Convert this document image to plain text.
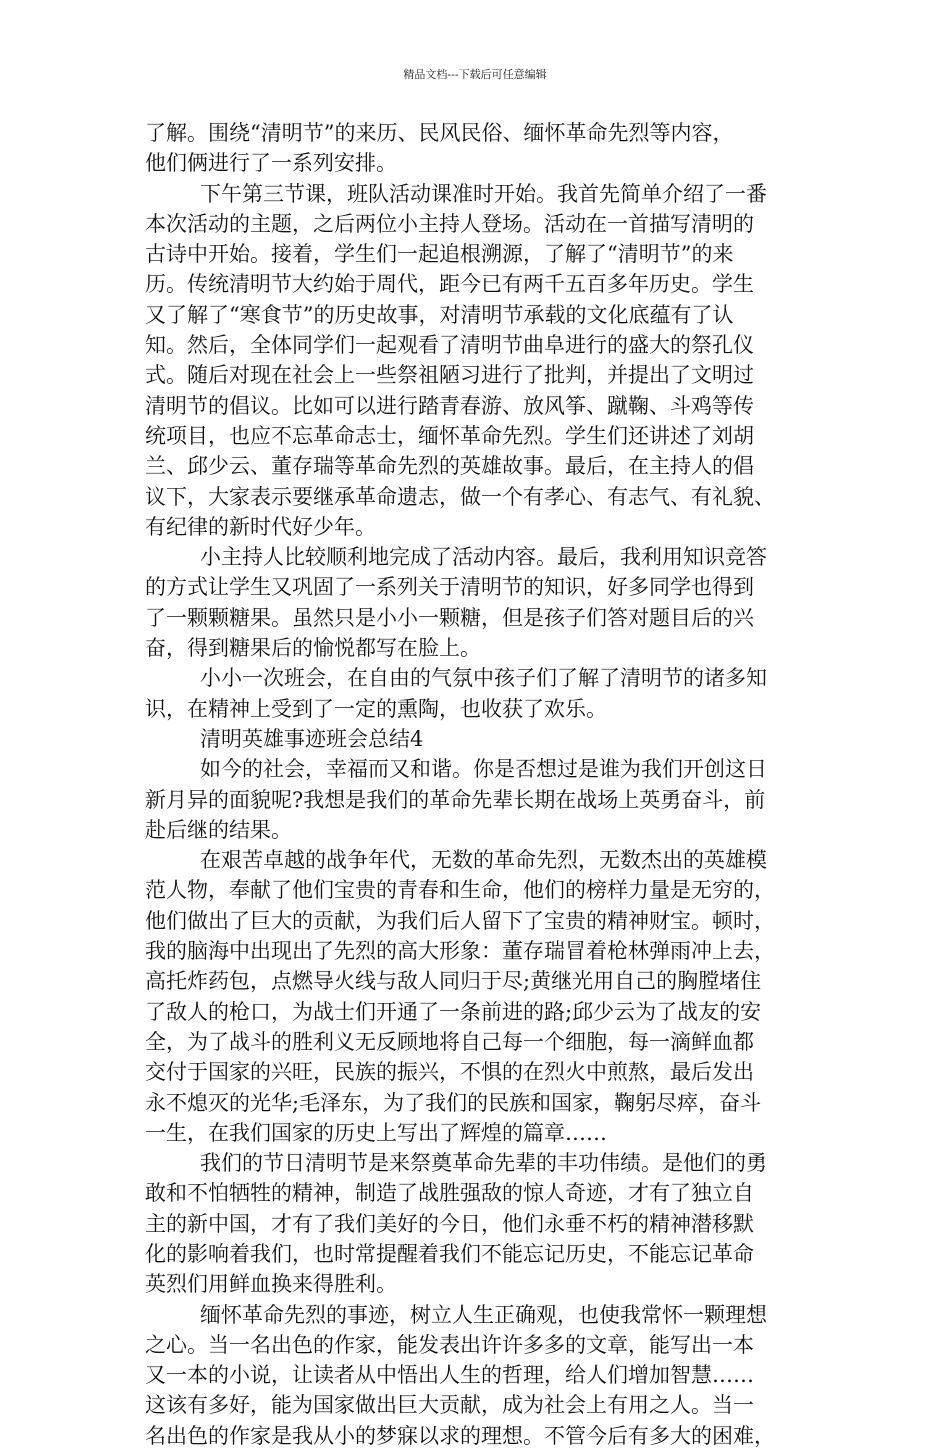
精品文档---下载后可任意编辑
了解。围绕“清明节”的来历、民风民俗、缅怀革命先烈等内容，
他们俩进行了一系列安排。
下午第三节课，班队活动课准时开始。我首先简单介绍了一番
本次活动的主题，之后两位小主持人登场。活动在一首描写清明的
古诗中开始。接着，学生们一起追根溯源，了解了“清明节”的来
历。传统清明节大约始于周代，距今已有两千五百多年历史。学生
又了解了“寒食节”的历史故事，对清明节承载的文化底蕴有了认
知。然后，全体同学们一起观看了清明节曲阜进行的盛大的祭孔仪
式。随后对现在社会上一些祭祖陋习进行了批判，并提出了文明过
清明节的倡议。比如可以进行踏青春游、放风筝、蹴鞠、斗鸡等传
统项目，也应不忘革命志士，缅怀革命先烈。学生们还讲述了刘胡
兰、邱少云、董存瑞等革命先烈的英雄故事。最后，在主持人的倡
议下，大家表示要继承革命遗志，做一个有孝心、有志气、有礼貌、
有纪律的新时代好少年。
小主持人比较顺利地完成了活动内容。最后，我利用知识竞答
的方式让学生又巩固了一系列关于清明节的知识，好多同学也得到
了一颗颗糖果。虽然只是小小一颗糖，但是孩子们答对题目后的兴
奋，得到糖果后的愉悦都写在脸上。
小小一次班会，在自由的气氛中孩子们了解了清明节的诸多知
识，在精神上受到了一定的熏陶，也收获了欢乐。
清明英雄事迹班会总结4
如今的社会，幸福而又和谐。你是否想过是谁为我们开创这日
新月异的面貌呢?我想是我们的革命先辈长期在战场上英勇奋斗，前
赴后继的结果。
在艰苦卓越的战争年代，无数的革命先烈，无数杰出的英雄模
范人物，奉献了他们宝贵的青春和生命，他们的榜样力量是无穷的，
他们做出了巨大的贡献，为我们后人留下了宝贵的精神财宝。顿时，
我的脑海中出现出了先烈的高大形象：董存瑞冒着枪林弹雨冲上去，
高托炸药包，点燃导火线与敌人同归于尽;黄继光用自己的胸膛堵住
了敌人的枪口，为战士们开通了一条前进的路;邱少云为了战友的安
全，为了战斗的胜利义无反顾地将自己每一个细胞，每一滴鲜血都
交付于国家的兴旺，民族的振兴，不惧的在烈火中煎熬，最后发出
永不熄灭的光华;毛泽东，为了我们的民族和国家，鞠躬尽瘁，奋斗
一生，在我们国家的历史上写出了辉煌的篇章……
我们的节日清明节是来祭奠革命先辈的丰功伟绩。是他们的勇
敢和不怕牺牲的精神，制造了战胜强敌的惊人奇迹，才有了独立自
主的新中国，才有了我们美好的今日，他们永垂不朽的精神潜移默
化的影响着我们，也时常提醒着我们不能忘记历史，不能忘记革命
英烈们用鲜血换来得胜利。
缅怀革命先烈的事迹，树立人生正确观，也使我常怀一颗理想
之心。当一名出色的作家，能发表出许许多多的文章，能写出一本
又一本的小说，让读者从中悟出人生的哲理，给人们增加智慧……
这该有多好，能为国家做出巨大贡献，成为社会上有用之人。当一
名出色的作家是我从小的梦寐以求的理想。不管今后有多大的困难，
